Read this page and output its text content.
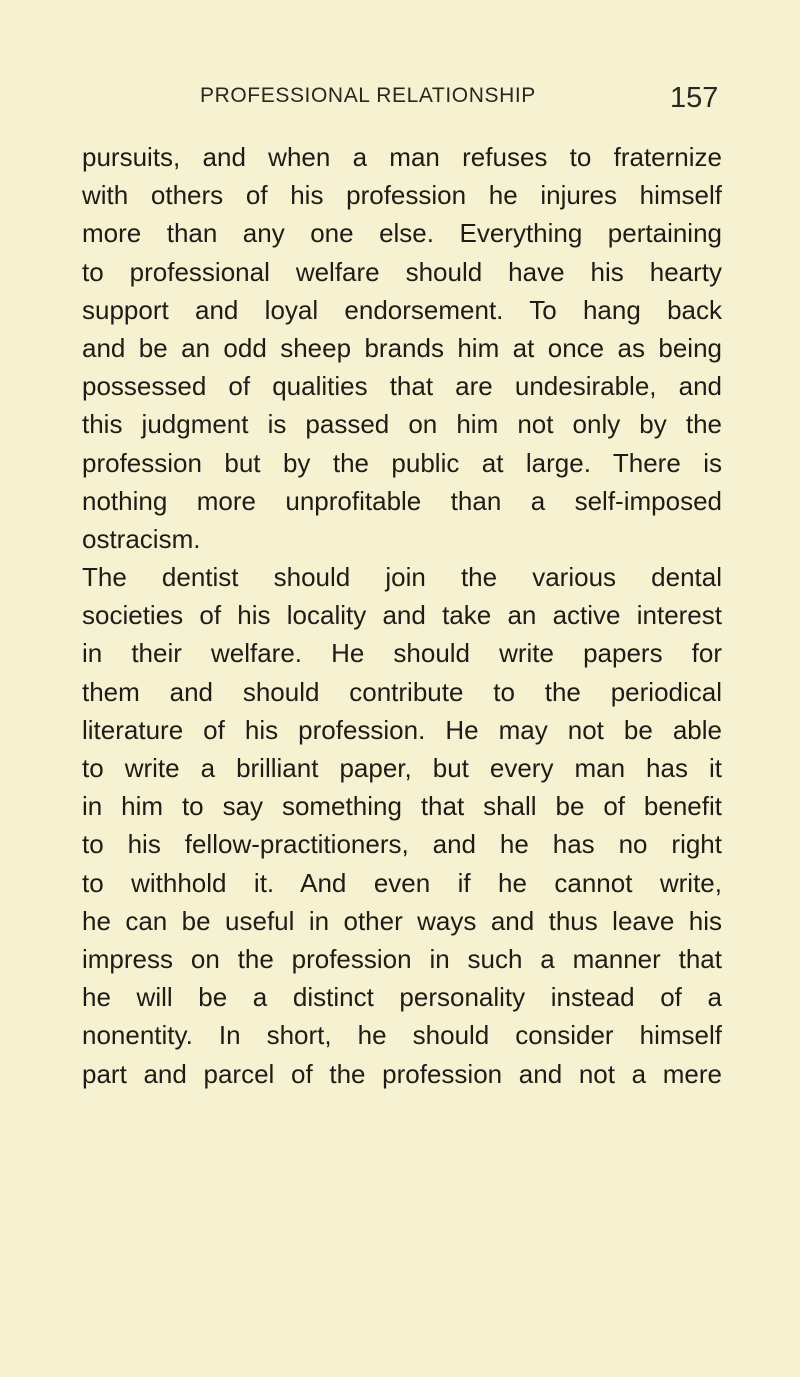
PROFESSIONAL RELATIONSHIP	157
pursuits, and when a man refuses to fraternize
with others of his profession he injures himself
more than any one else. Everything pertaining
to professional welfare should have his hearty
support and loyal endorsement. To hang back
and be an odd sheep brands him at once as being
possessed of qualities that are undesirable, and
this judgment is passed on him not only by the
profession but by the public at large. There is
nothing more unprofitable than a self-imposed
ostracism.
The dentist should join the various dental
societies of his locality and take an active interest
in their welfare. He should write papers for
them and should contribute to the periodical
literature of his profession. He may not be able
to write a brilliant paper, but every man has it
in him to say something that shall be of benefit
to his fellow-practitioners, and he has no right
to withhold it. And even if he cannot write,
he can be useful in other ways and thus leave his
impress on the profession in such a manner that
he will be a distinct personality instead of a
nonentity. In short, he should consider himself
part and parcel of the profession and not a mere
